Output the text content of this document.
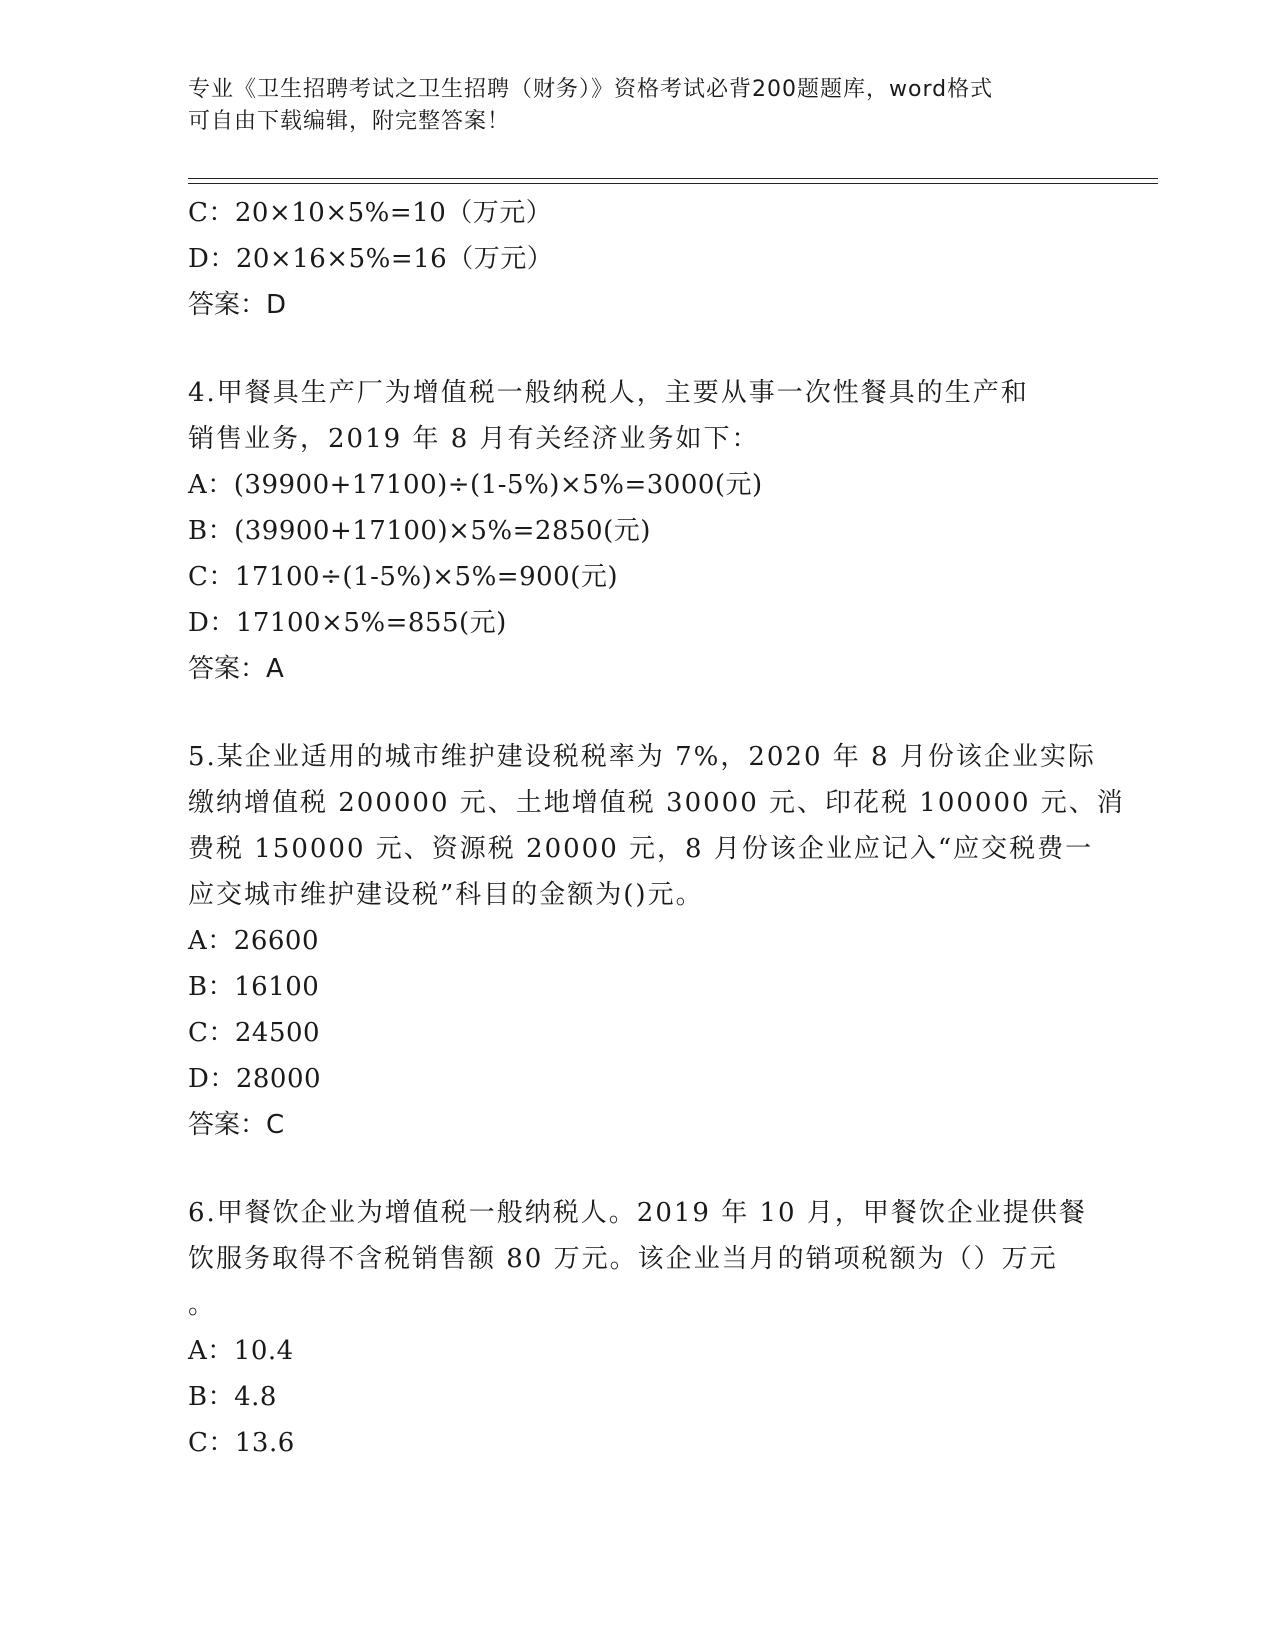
专业《卫生招聘考试之卫生招聘（财务）》资格考试必背200题题库，word格式
可自由下载编辑，附完整答案！
C：20×10×5%=10（万元）
D：20×16×5%=16（万元）
答案：D
4.甲餐具生产厂为增值税一般纳税人，主要从事一次性餐具的生产和
销售业务，2019 年 8 月有关经济业务如下：
A：(39900+17100)÷(1-5%)×5%=3000(元)
B：(39900+17100)×5%=2850(元)
C：17100÷(1-5%)×5%=900(元)
D：17100×5%=855(元)
答案：A
5.某企业适用的城市维护建设税税率为 7%，2020 年 8 月份该企业实际
缴纳增值税 200000 元、土地增值税 30000 元、印花税 100000 元、消
费税 150000 元、资源税 20000 元，8 月份该企业应记入“应交税费一
应交城市维护建设税”科目的金额为()元。
A：26600
B：16100
C：24500
D：28000
答案：C
6.甲餐饮企业为增值税一般纳税人。2019 年 10 月，甲餐饮企业提供餐
饮服务取得不含税销售额 80 万元。该企业当月的销项税额为（）万元
。
A：10.4
B：4.8
C：13.6
